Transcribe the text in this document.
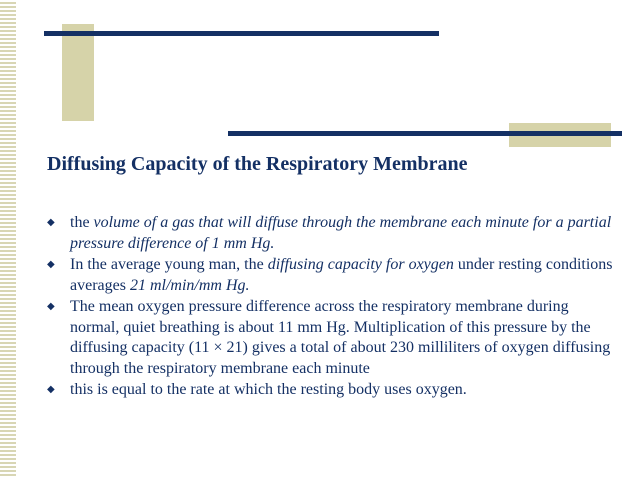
Diffusing Capacity of the Respiratory Membrane
◆ the volume of a gas that will diffuse through the membrane each minute for a partial pressure difference of 1 mm Hg.
◆ In the average young man, the diffusing capacity for oxygen under resting conditions averages 21 ml/min/mm Hg.
◆ The mean oxygen pressure difference across the respiratory membrane during normal, quiet breathing is about 11 mm Hg. Multiplication of this pressure by the diffusing capacity (11 × 21) gives a total of about 230 milliliters of oxygen diffusing through the respiratory membrane each minute
◆ this is equal to the rate at which the resting body uses oxygen.
